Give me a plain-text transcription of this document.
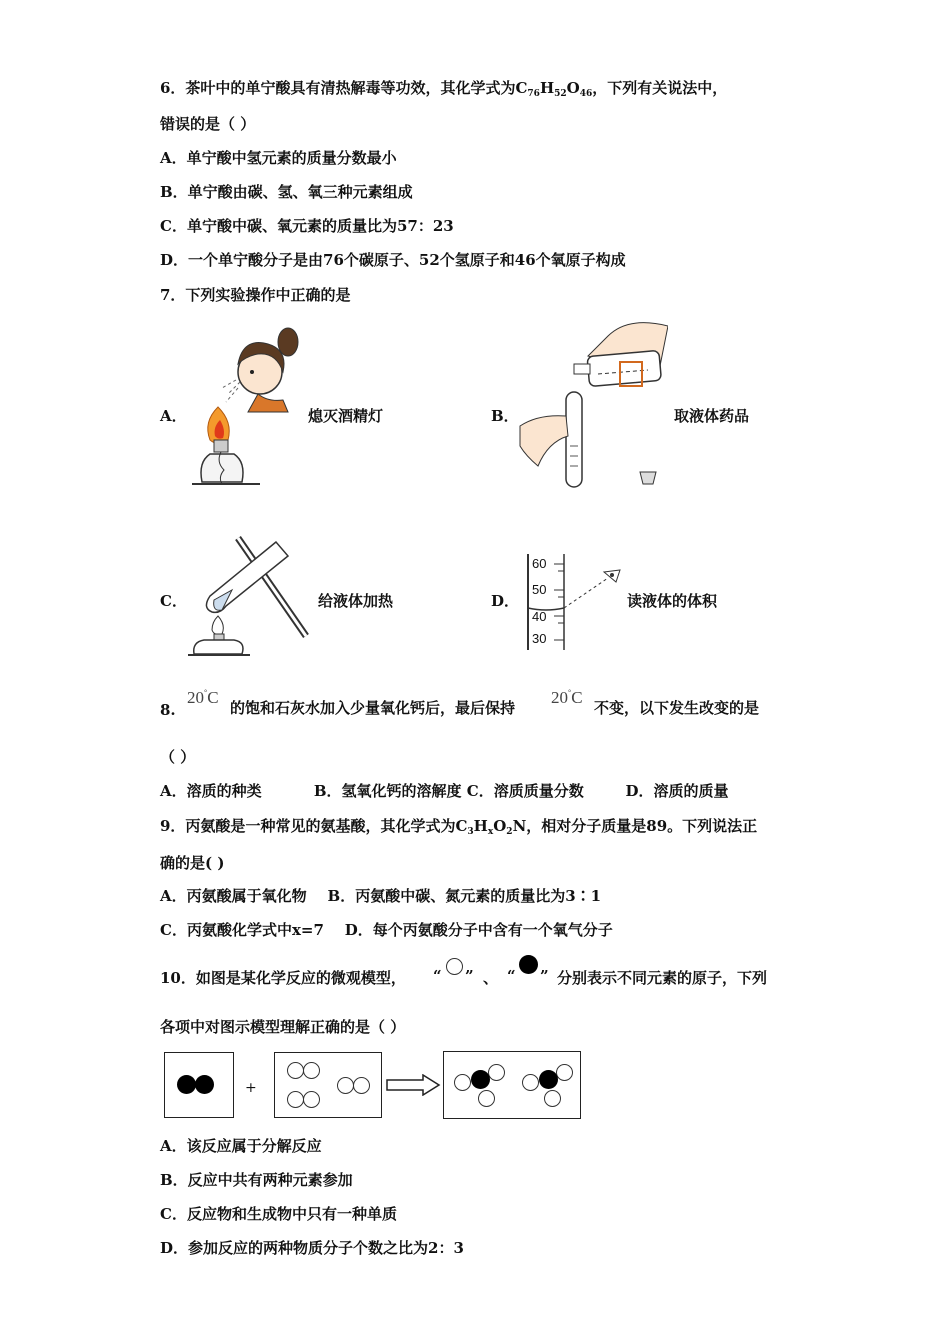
6．茶叶中的单宁酸具有清热解毒等功效，其化学式为$C_{76}H_{52}O_{46}$，下列有关说法中，
错误的是（ ）
A．单宁酸中氢元素的质量分数最小
B．单宁酸由碳、氢、氧三种元素组成
C．单宁酸中碳、氧元素的质量比为57：23
D．一个单宁酸分子是由76个碳原子、52个氢原子和46个氧原子构成
7．下列实验操作中正确的是
A．	熄灭酒精灯	B．	取液体药品
C．	给液体加热	D．
60
50
40
30
读液体的体积
8.
20°C
的饱和石灰水加入少量氧化钙后，最后保持
20°C
不变，以下发生改变的是
（ ）
A．溶质的种类          B．氢氧化钙的溶解度 C．溶质质量分数        D．溶质的质量
9．丙氨酸是一种常见的氨基酸，其化学式为$C_3H_xO_2N$，相对分子质量是89。下列说法正
确的是( )
A．丙氨酸属于氧化物    B．丙氨酸中碳、氮元素的质量比为3∶1
C．丙氨酸化学式中x=7    D．每个丙氨酸分子中含有一个氧气分子
10．如图是某化学反应的微观模型， “ ” 、 “ ” 分别表示不同元素的原子，下列
各项中对图示模型理解正确的是（ ）
+
A．该反应属于分解反应
B．反应中共有两种元素参加
C．反应物和生成物中只有一种单质
D．参加反应的两种物质分子个数之比为2：3
